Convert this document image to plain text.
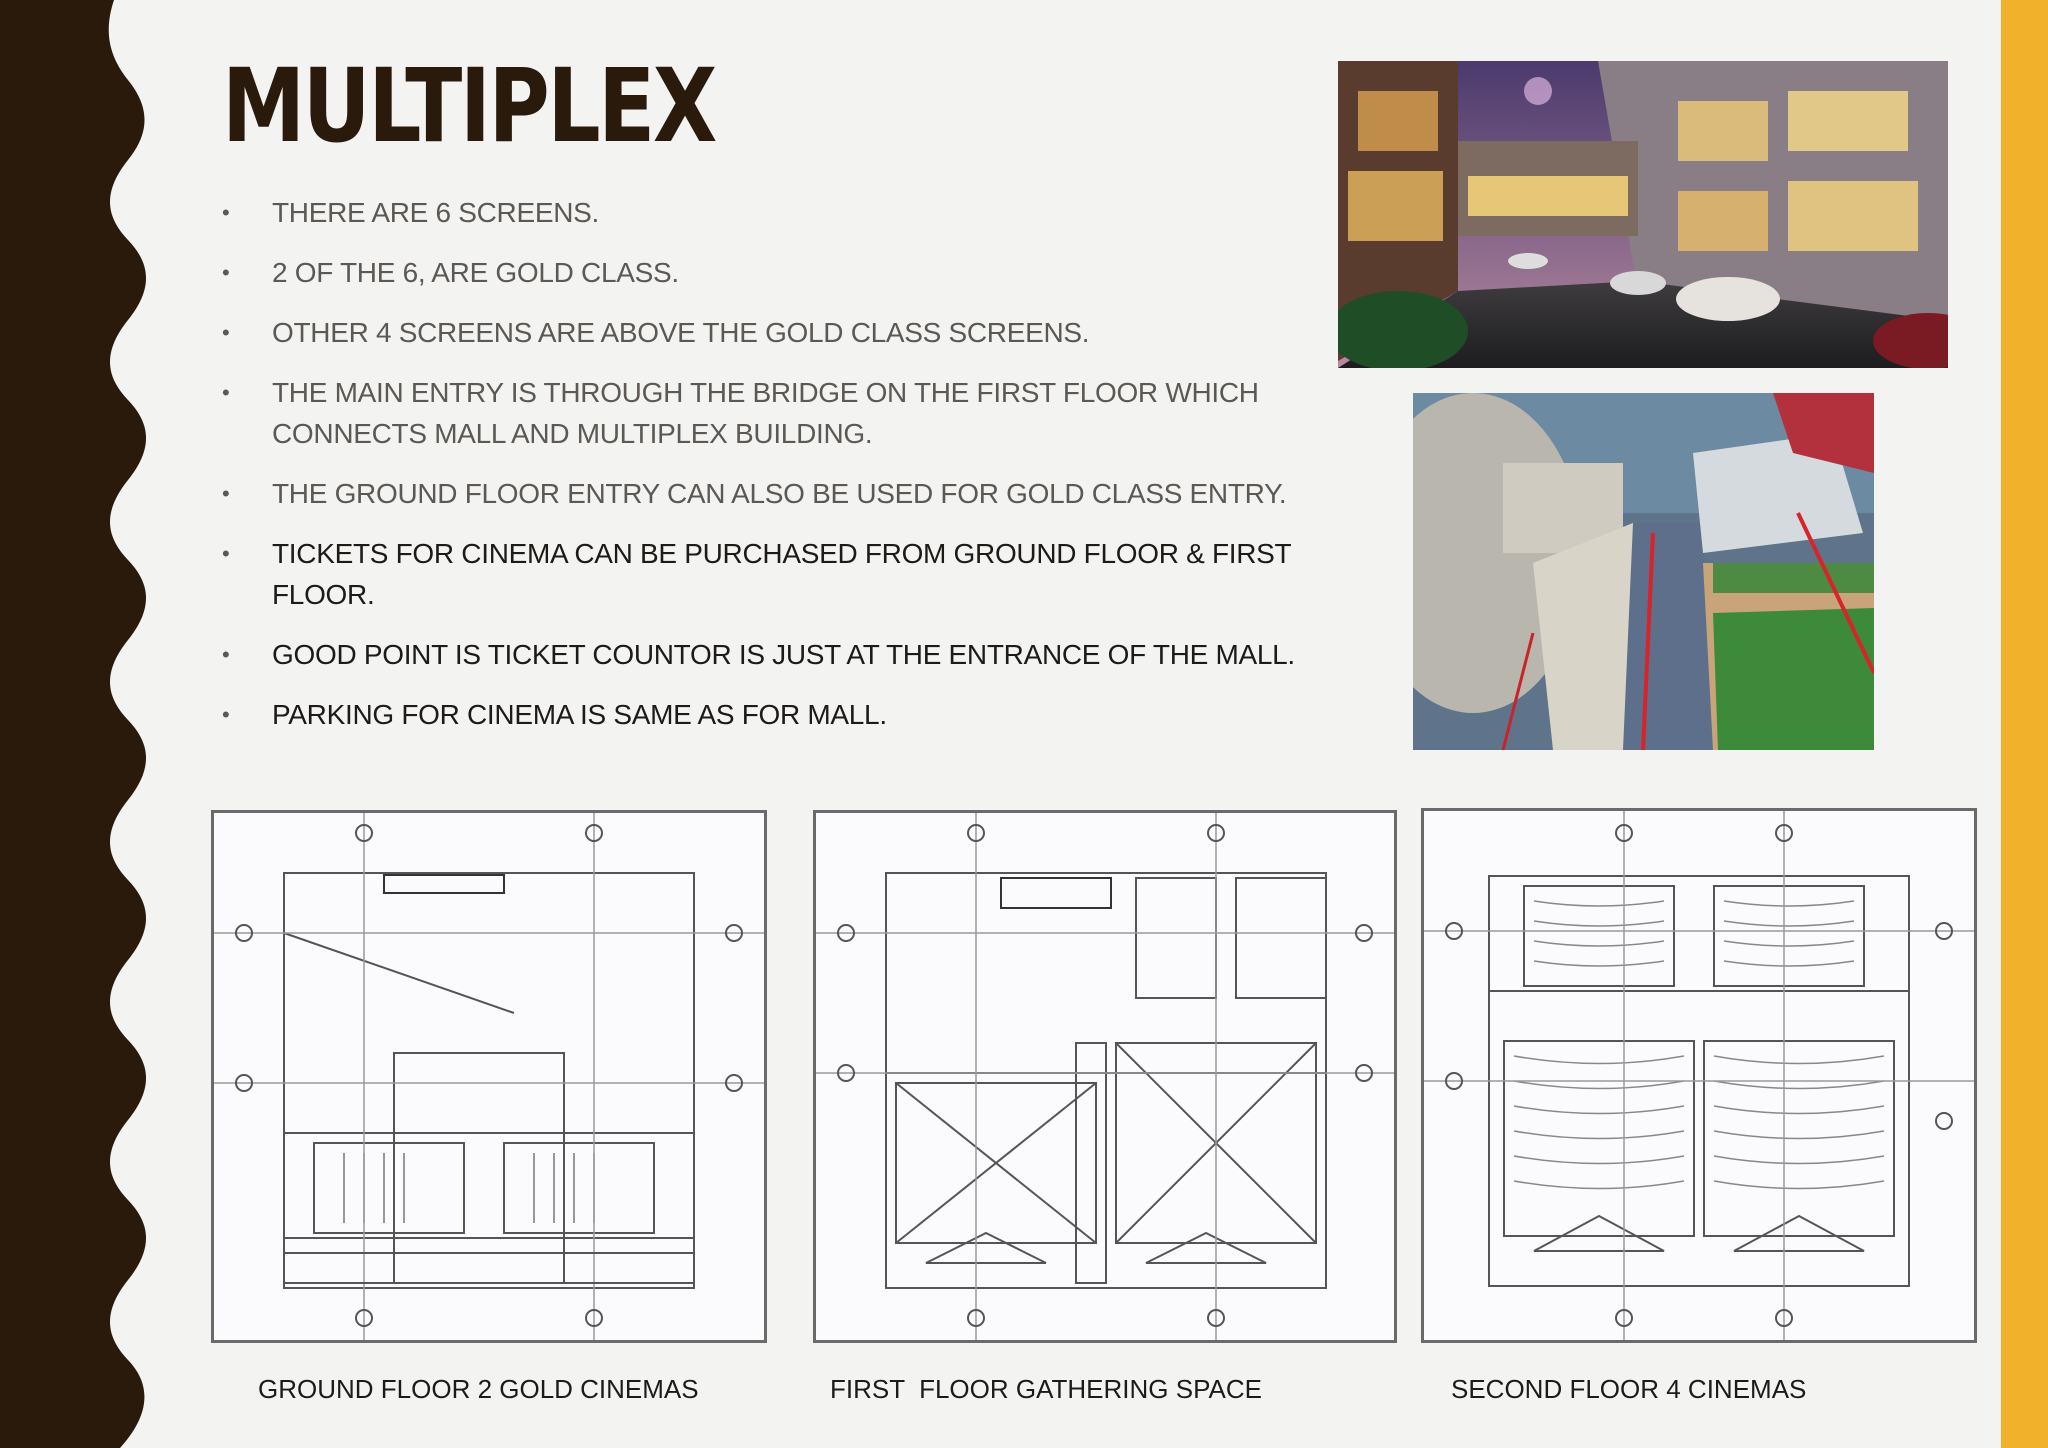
MULTIPLEX
• THERE ARE 6 SCREENS.
• 2 OF THE 6, ARE GOLD CLASS.
• OTHER 4 SCREENS ARE ABOVE THE GOLD CLASS SCREENS.
• THE MAIN ENTRY IS THROUGH THE BRIDGE ON THE FIRST FLOOR WHICH CONNECTS MALL AND MULTIPLEX BUILDING.
• THE GROUND FLOOR ENTRY CAN ALSO BE USED FOR GOLD CLASS ENTRY.
• TICKETS FOR CINEMA CAN BE PURCHASED FROM GROUND FLOOR & FIRST FLOOR.
• GOOD POINT IS TICKET COUNTOR IS JUST AT THE ENTRANCE OF THE MALL.
• PARKING FOR CINEMA IS SAME AS FOR MALL.
GROUND FLOOR 2 GOLD CINEMAS	FIRST  FLOOR GATHERING SPACE	SECOND FLOOR 4 CINEMAS
